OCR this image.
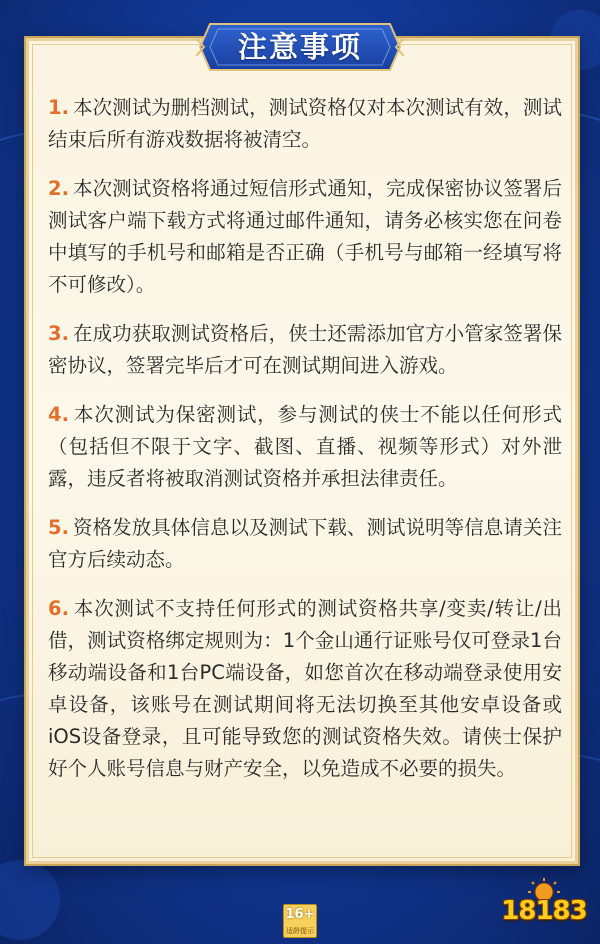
注意事项
1. 本次测试为删档测试，测试资格仅对本次测试有效，测试结束后所有游戏数据将被清空。
2. 本次测试资格将通过短信形式通知，完成保密协议签署后测试客户端下载方式将通过邮件通知，请务必核实您在问卷中填写的手机号和邮箱是否正确（手机号与邮箱一经填写将不可修改）。
3. 在成功获取测试资格后，侠士还需添加官方小管家签署保密协议，签署完毕后才可在测试期间进入游戏。
4. 本次测试为保密测试，参与测试的侠士不能以任何形式（包括但不限于文字、截图、直播、视频等形式）对外泄露，违反者将被取消测试资格并承担法律责任。
5. 资格发放具体信息以及测试下载、测试说明等信息请关注官方后续动态。
6. 本次测试不支持任何形式的测试资格共享/变卖/转让/出借，测试资格绑定规则为：1个金山通行证账号仅可登录1台移动端设备和1台PC端设备，如您首次在移动端登录使用安卓设备，该账号在测试期间将无法切换至其他安卓设备或iOS设备登录，且可能导致您的测试资格失效。请侠士保护好个人账号信息与财产安全，以免造成不必要的损失。
16+
适龄提示
18183
